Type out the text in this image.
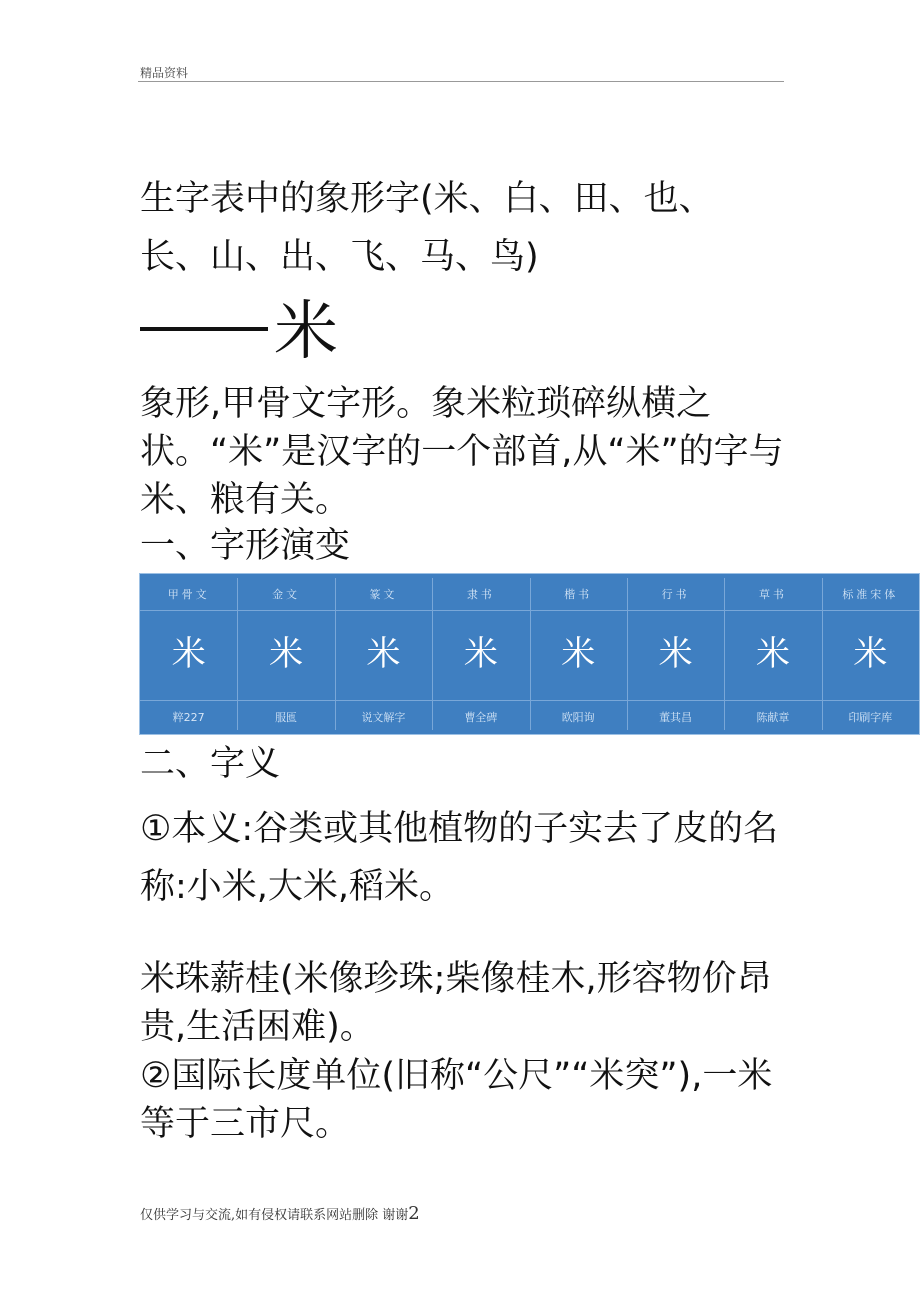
精品资料
生字表中的象形字(米、白、田、也、长、山、出、飞、马、鸟)
米
象形,甲骨文字形。象米粒琐碎纵横之状。“米”是汉字的一个部首,从“米”的字与米、粮有关。
一、字形演变
甲骨文
米
粹227
金文
米
服匜
篆文
米
说文解字
隶书
米
曹全碑
楷书
米
欧阳询
行书
米
董其昌
草书
米
陈献章
标准宋体
米
印刷字库
www.zixin.com.cn
二、字义
①本义:谷类或其他植物的子实去了皮的名称:小米,大米,稻米。
米珠薪桂(米像珍珠;柴像桂木,形容物价昂贵,生活困难)。
②国际长度单位(旧称“公尺”“米突”),一米等于三市尺。
仅供学习与交流,如有侵权请联系网站删除 谢谢2
